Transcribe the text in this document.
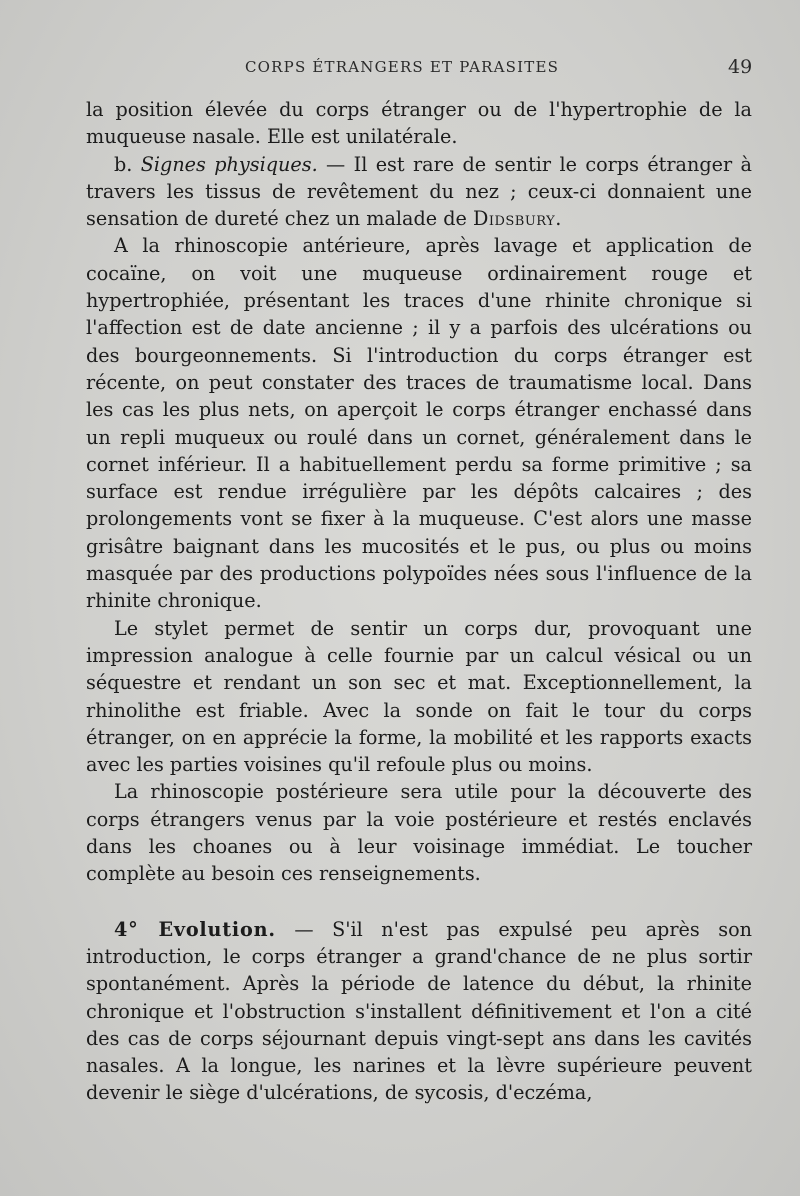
CORPS ÉTRANGERS ET PARASITES	49

la position élevée du corps étranger ou de l'hypertrophie de la muqueuse nasale. Elle est unilatérale.

b. Signes physiques. — Il est rare de sentir le corps étranger à travers les tissus de revêtement du nez ; ceux-ci donnaient une sensation de dureté chez un malade de Didsbury.

A la rhinoscopie antérieure, après lavage et application de cocaïne, on voit une muqueuse ordinairement rouge et hypertrophiée, présentant les traces d'une rhinite chronique si l'affection est de date ancienne ; il y a parfois des ulcérations ou des bourgeonnements. Si l'introduction du corps étranger est récente, on peut constater des traces de traumatisme local. Dans les cas les plus nets, on aperçoit le corps étranger enchassé dans un repli muqueux ou roulé dans un cornet, généralement dans le cornet inférieur. Il a habituellement perdu sa forme primitive ; sa surface est rendue irrégulière par les dépôts calcaires ; des prolongements vont se fixer à la muqueuse. C'est alors une masse grisâtre baignant dans les mucosités et le pus, ou plus ou moins masquée par des productions polypoïdes nées sous l'influence de la rhinite chronique.

Le stylet permet de sentir un corps dur, provoquant une impression analogue à celle fournie par un calcul vésical ou un séquestre et rendant un son sec et mat. Exceptionnellement, la rhinolithe est friable. Avec la sonde on fait le tour du corps étranger, on en apprécie la forme, la mobilité et les rapports exacts avec les parties voisines qu'il refoule plus ou moins.

La rhinoscopie postérieure sera utile pour la découverte des corps étrangers venus par la voie postérieure et restés enclavés dans les choanes ou à leur voisinage immédiat. Le toucher complète au besoin ces renseignements.

4° Evolution. — S'il n'est pas expulsé peu après son introduction, le corps étranger a grand'chance de ne plus sortir spontanément. Après la période de latence du début, la rhinite chronique et l'obstruction s'installent définitivement et l'on a cité des cas de corps séjournant depuis vingt-sept ans dans les cavités nasales. A la longue, les narines et la lèvre supérieure peuvent devenir le siège d'ulcérations, de sycosis, d'eczéma,
